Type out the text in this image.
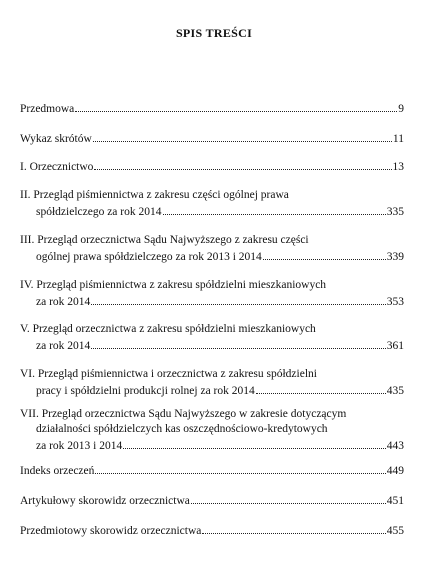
SPIS TREŚCI
Przedmowa	9
Wykaz skrótów	11
I. Orzecznictwo	13
II. Przegląd piśmiennictwa z zakresu części ogólnej prawa
spółdzielczego za rok 2014	335
III. Przegląd orzecznictwa Sądu Najwyższego z zakresu części
ogólnej prawa spółdzielczego za rok 2013 i 2014	339
IV. Przegląd piśmiennictwa z zakresu spółdzielni mieszkaniowych
za rok 2014	353
V. Przegląd orzecznictwa z zakresu spółdzielni mieszkaniowych
za rok 2014	361
VI. Przegląd piśmiennictwa i orzecznictwa z zakresu spółdzielni
pracy i spółdzielni produkcji rolnej za rok 2014	435
VII. Przegląd orzecznictwa Sądu Najwyższego w zakresie dotyczącym
działalności spółdzielczych kas oszczędnościowo-kredytowych
za rok 2013 i 2014	443
Indeks orzeczeń	449
Artykułowy skorowidz orzecznictwa	451
Przedmiotowy skorowidz orzecznictwa	455
